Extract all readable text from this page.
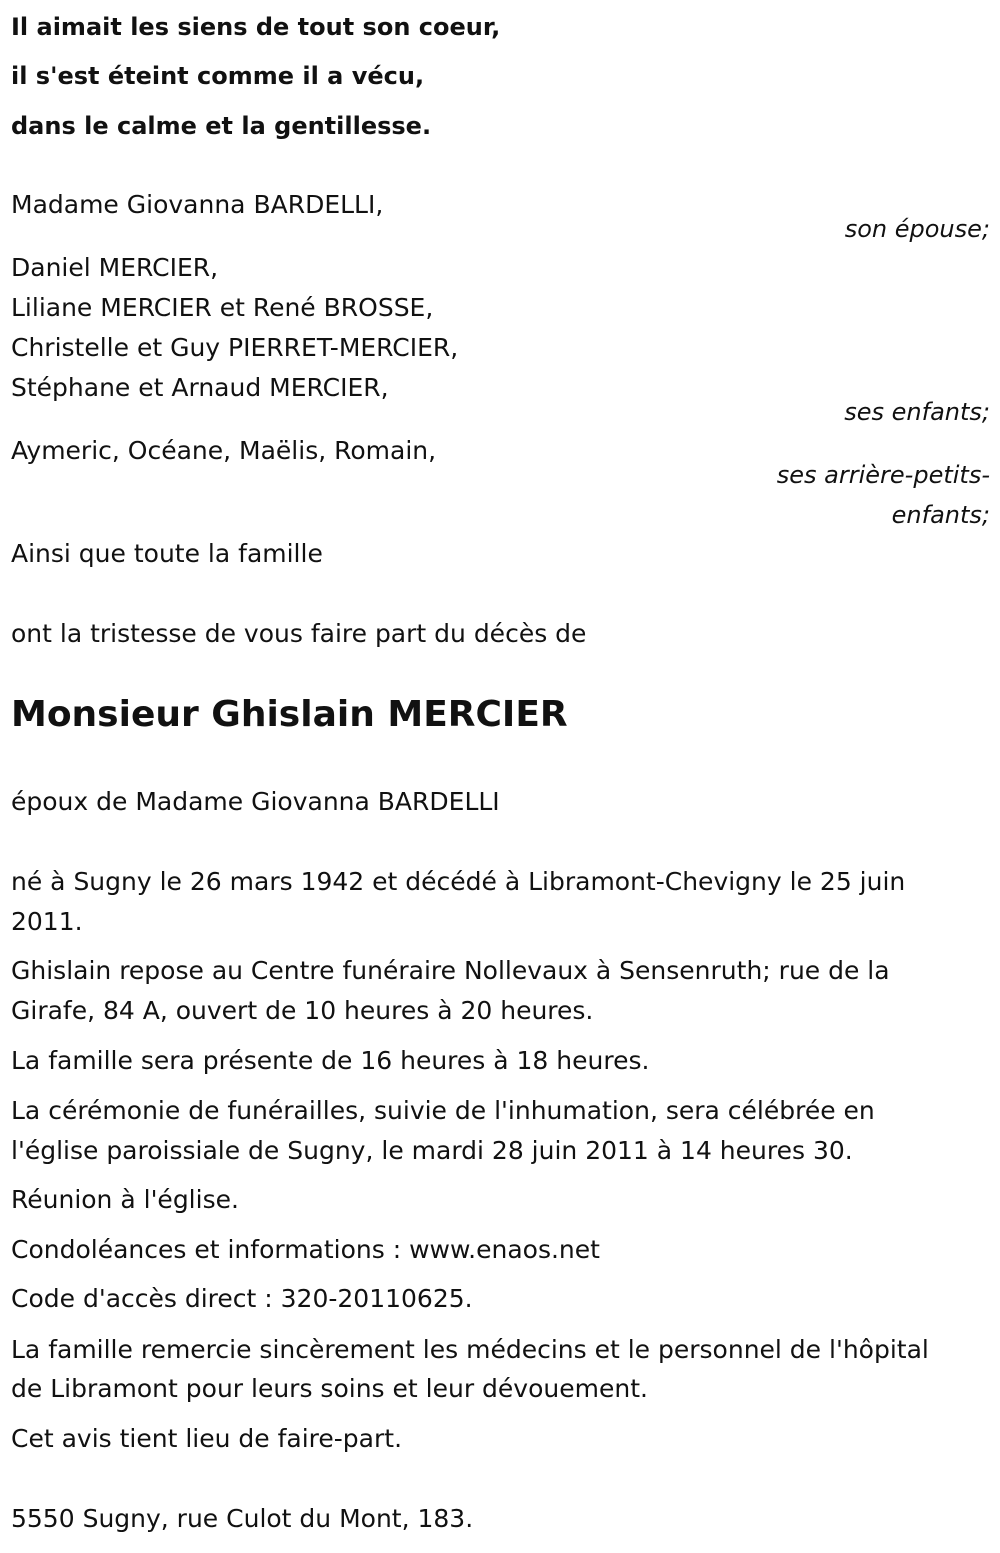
Il aimait les siens de tout son coeur,
il s'est éteint comme il a vécu,
dans le calme et la gentillesse.
Madame Giovanna BARDELLI,
son épouse;
Daniel MERCIER,
Liliane MERCIER et René BROSSE,
Christelle et Guy PIERRET-MERCIER,
Stéphane et Arnaud MERCIER,
ses enfants;
Aymeric, Océane, Maëlis, Romain,
ses arrière-petits-
enfants;
Ainsi que toute la famille
ont la tristesse de vous faire part du décès de
Monsieur Ghislain MERCIER
époux de Madame Giovanna BARDELLI
né à Sugny le 26 mars 1942 et décédé à Libramont-Chevigny le 25 juin
2011.
Ghislain repose au Centre funéraire Nollevaux à Sensenruth; rue de la
Girafe, 84 A, ouvert de 10 heures à 20 heures.
La famille sera présente de 16 heures à 18 heures.
La cérémonie de funérailles, suivie de l'inhumation, sera célébrée en
l'église paroissiale de Sugny, le mardi 28 juin 2011 à 14 heures 30.
Réunion à l'église.
Condoléances et informations : www.enaos.net
Code d'accès direct : 320-20110625.
La famille remercie sincèrement les médecins et le personnel de l'hôpital
de Libramont pour leurs soins et leur dévouement.
Cet avis tient lieu de faire-part.
5550 Sugny, rue Culot du Mont, 183.
